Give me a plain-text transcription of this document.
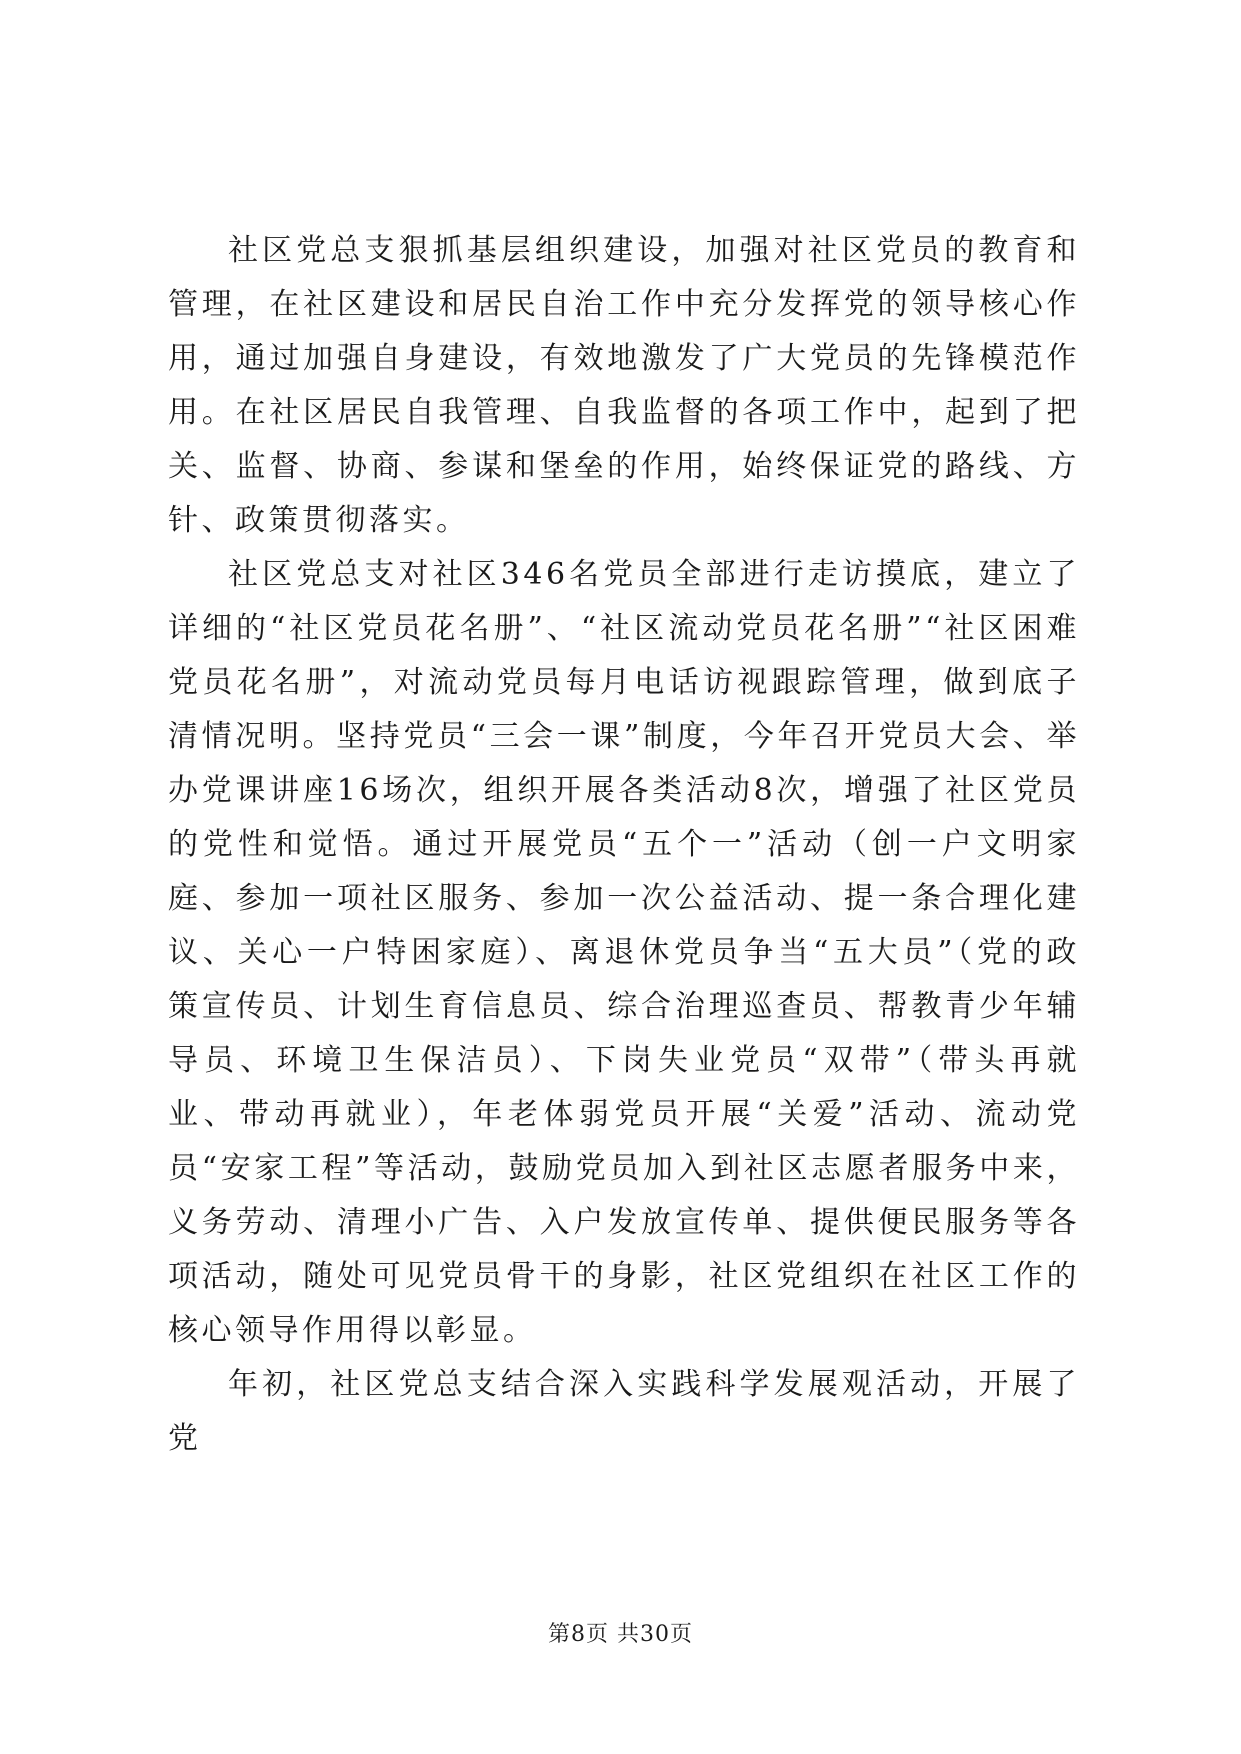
社区党总支狠抓基层组织建设，加强对社区党员的教育和管理，在社区建设和居民自治工作中充分发挥党的领导核心作用，通过加强自身建设，有效地激发了广大党员的先锋模范作用。在社区居民自我管理、自我监督的各项工作中，起到了把关、监督、协商、参谋和堡垒的作用，始终保证党的路线、方针、政策贯彻落实。

社区党总支对社区346名党员全部进行走访摸底，建立了详细的“社区党员花名册”、“社区流动党员花名册”“社区困难党员花名册”，对流动党员每月电话访视跟踪管理，做到底子清情况明。坚持党员“三会一课”制度，今年召开党员大会、举办党课讲座16场次，组织开展各类活动8次，增强了社区党员的党性和觉悟。通过开展党员“五个一”活动（创一户文明家庭、参加一项社区服务、参加一次公益活动、提一条合理化建议、关心一户特困家庭）、离退休党员争当“五大员”（党的政策宣传员、计划生育信息员、综合治理巡查员、帮教青少年辅导员、环境卫生保洁员）、下岗失业党员“双带”（带头再就业、带动再就业），年老体弱党员开展“关爱”活动、流动党员“安家工程”等活动，鼓励党员加入到社区志愿者服务中来，义务劳动、清理小广告、入户发放宣传单、提供便民服务等各项活动，随处可见党员骨干的身影，社区党组织在社区工作的核心领导作用得以彰显。

年初，社区党总支结合深入实践科学发展观活动，开展了党

第8页 共30页
